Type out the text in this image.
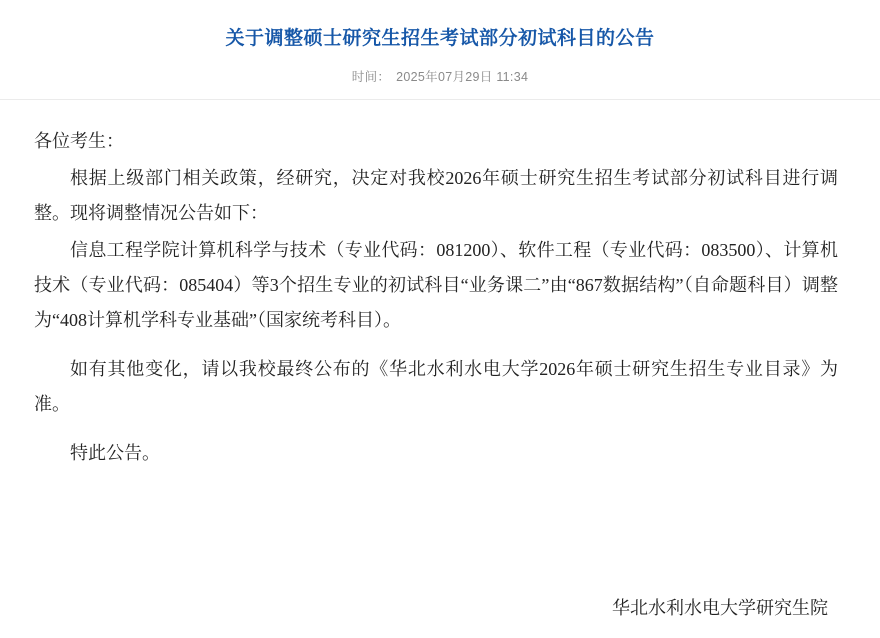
关于调整硕士研究生招生考试部分初试科目的公告
时间： 2025年07月29日 11:34

各位考生：

根据上级部门相关政策，经研究，决定对我校2026年硕士研究生招生考试部分初试科目进行调整。现将调整情况公告如下：

信息工程学院计算机科学与技术（专业代码：081200）、软件工程（专业代码：083500）、计算机技术（专业代码：085404）等3个招生专业的初试科目“业务课二”由“867数据结构”（自命题科目）调整为“408计算机学科专业基础”（国家统考科目）。

如有其他变化，请以我校最终公布的《华北水利水电大学2026年硕士研究生招生专业目录》为准。

特此公告。

华北水利水电大学研究生院
